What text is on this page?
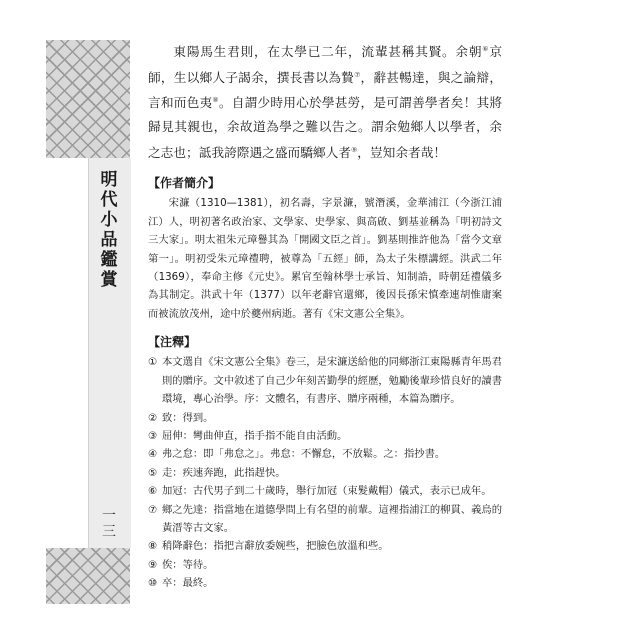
明代小品鑑賞
一三

東陽馬生君則，在太學已二年，流輩甚稱其賢。余朝⑥京師，生以鄉人子謁余，撰長書以為贄⑦，辭甚暢達，與之論辯，言和而色夷⑧。自謂少時用心於學甚勞，是可謂善學者矣！其將歸見其親也，余故道為學之難以告之。謂余勉鄉人以學者，余之志也；詆我誇際遇之盛而驕鄉人者⑨，豈知余者哉！

【作者簡介】

宋濂（1310—1381），初名壽，字景濂，號潛溪，金華浦江（今浙江浦江）人，明初著名政治家、文學家、史學家、與高啟、劉基並稱為「明初詩文三大家」。明太祖朱元璋譽其為「開國文臣之首」。劉基則推許他為「當今文章第一」。明初受朱元璋禮聘，被尊為「五經」師，為太子朱標講經。洪武二年（1369），奉命主修《元史》。累官至翰林學士承旨、知制誥，時朝廷禮儀多為其制定。洪武十年（1377）以年老辭官還鄉，後因長孫宋慎牽連胡惟庸案而被流放茂州，途中於夔州病逝。著有《宋文憲公全集》。

【注釋】
① 本文選自《宋文憲公全集》卷三，是宋濂送給他的同鄉浙江東陽縣青年馬君則的贈序。文中敘述了自己少年刻苦勤學的經歷，勉勵後輩珍惜良好的讀書環境，專心治學。序：文體名，有書序、贈序兩種，本篇為贈序。
② 致：得到。
③ 屈伸：彎曲伸直，指手指不能自由活動。
④ 弗之怠：即「弗怠之」。弗怠：不懈怠，不放鬆。之：指抄書。
⑤ 走：疾速奔跑，此指趕快。
⑥ 加冠：古代男子到二十歲時，舉行加冠（束髮戴帽）儀式，表示已成年。
⑦ 鄉之先達：指當地在道德學問上有名望的前輩。這裡指浦江的柳貫、義烏的黃溍等古文家。
⑧ 稍降辭色：指把言辭放委婉些，把臉色放溫和些。
⑨ 俟：等待。
⑩ 卒：最終。
